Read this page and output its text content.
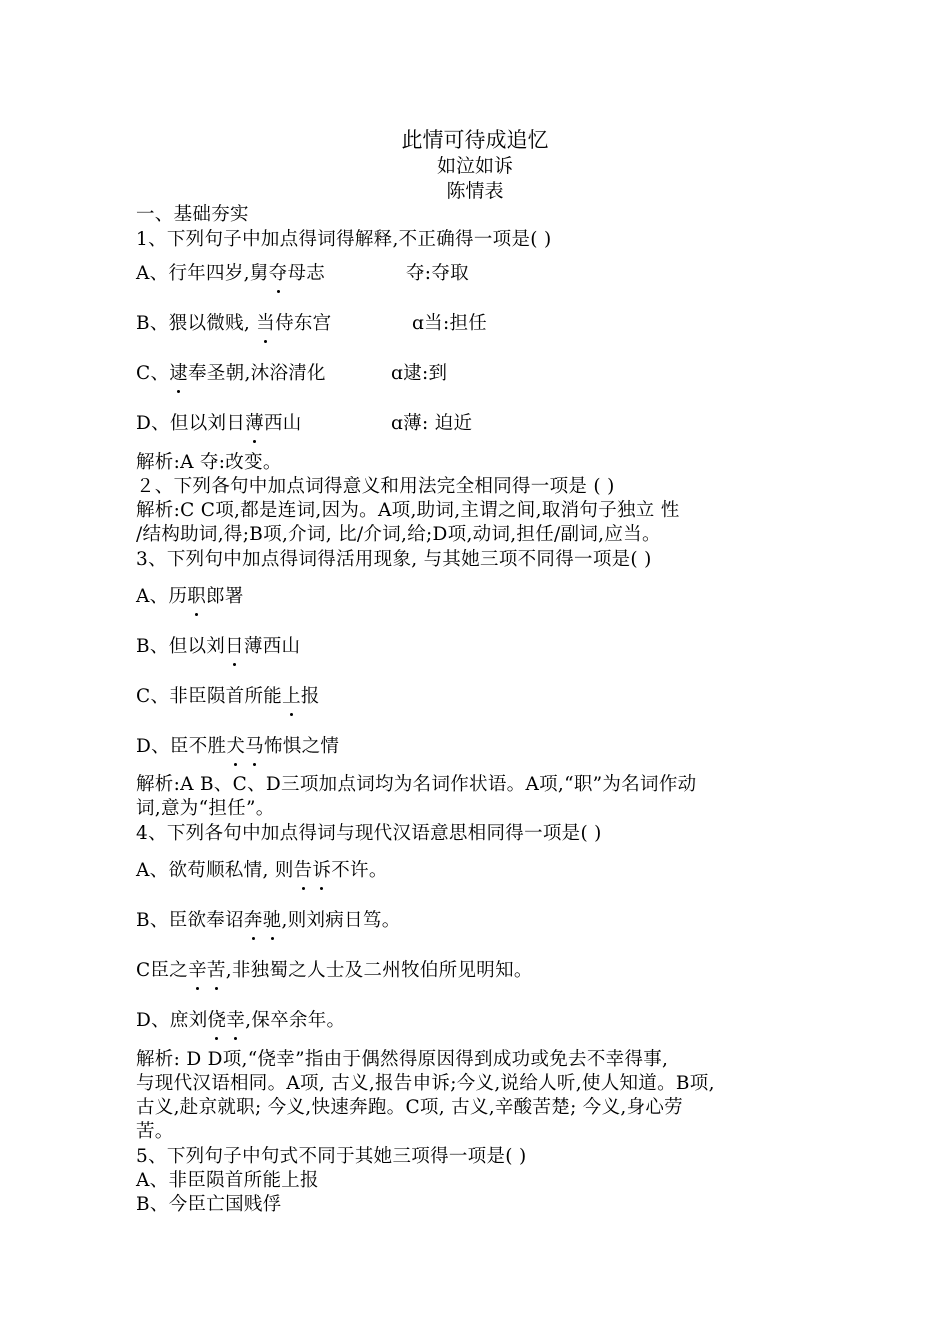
此情可待成追忆
如泣如诉
陈情表
一、基础夯实
1、下列句子中加点得词得解释,不正确得一项是( )
A、行年四岁,舅夺母志	夺:夺取
B、猥以微贱, 当侍东宫	ɑ当:担任
C、逮奉圣朝,沐浴清化	ɑ逮:到
D、但以刘日薄西山	ɑ薄: 迫近
解析:A 夺:改变。
２、下列各句中加点词得意义和用法完全相同得一项是 ( )
解析:C C项,都是连词,因为。A项,助词,主谓之间,取消句子独立 性
/结构助词,得;B项,介词, 比/介词,给;D项,动词,担任/副词,应当。
3、下列句中加点得词得活用现象, 与其她三项不同得一项是( )
A、历职郎署
B、但以刘日薄西山
C、非臣陨首所能上报
D、臣不胜犬马怖惧之情
解析:A B、C、D三项加点词均为名词作状语。A项,“职”为名词作动
词,意为“担任”。
4、下列各句中加点得词与现代汉语意思相同得一项是( )
A、欲苟顺私情, 则告诉不许。
B、臣欲奉诏奔驰,则刘病日笃。
C臣之辛苦,非独蜀之人士及二州牧伯所见明知。
D、庶刘侥幸,保卒余年。
解析: D D项,“侥幸”指由于偶然得原因得到成功或免去不幸得事,
与现代汉语相同。A项, 古义,报告申诉;今义,说给人听,使人知道。B项,
古义,赴京就职; 今义,快速奔跑。C项, 古义,辛酸苦楚; 今义,身心劳
苦。
5、下列句子中句式不同于其她三项得一项是( )
A、非臣陨首所能上报
B、今臣亡国贱俘
